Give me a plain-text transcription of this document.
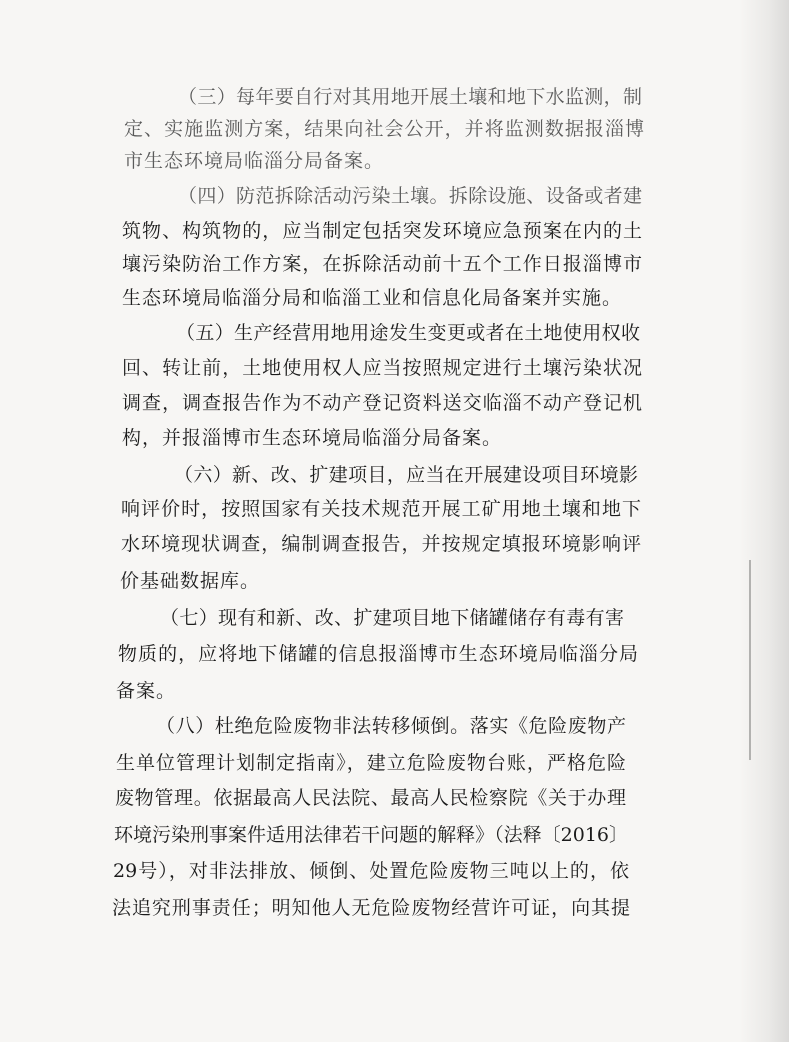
（三）每年要自行对其用地开展土壤和地下水监测，制
定、实施监测方案，结果向社会公开，并将监测数据报淄博
市生态环境局临淄分局备案。
（四）防范拆除活动污染土壤。拆除设施、设备或者建
筑物、构筑物的，应当制定包括突发环境应急预案在内的土
壤污染防治工作方案，在拆除活动前十五个工作日报淄博市
生态环境局临淄分局和临淄工业和信息化局备案并实施。
（五）生产经营用地用途发生变更或者在土地使用权收
回、转让前，土地使用权人应当按照规定进行土壤污染状况
调查，调查报告作为不动产登记资料送交临淄不动产登记机
构，并报淄博市生态环境局临淄分局备案。
（六）新、改、扩建项目，应当在开展建设项目环境影
响评价时，按照国家有关技术规范开展工矿用地土壤和地下
水环境现状调查，编制调查报告，并按规定填报环境影响评
价基础数据库。
（七）现有和新、改、扩建项目地下储罐储存有毒有害
物质的，应将地下储罐的信息报淄博市生态环境局临淄分局
备案。
（八）杜绝危险废物非法转移倾倒。落实《危险废物产
生单位管理计划制定指南》，建立危险废物台账，严格危险
废物管理。依据最高人民法院、最高人民检察院《关于办理
环境污染刑事案件适用法律若干问题的解释》（法释〔2016〕
29号），对非法排放、倾倒、处置危险废物三吨以上的，依
法追究刑事责任；明知他人无危险废物经营许可证，向其提
